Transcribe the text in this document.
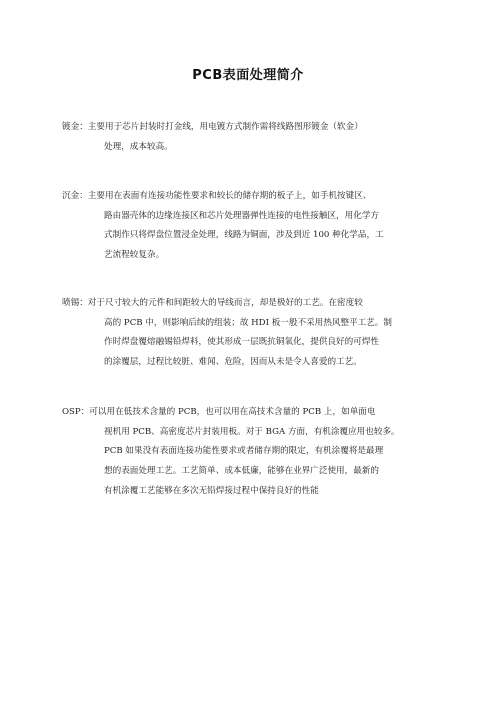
PCB表面处理简介
镀金：主要用于芯片封装时打金线，用电镀方式制作需将线路图形镀金（软金）
处理，成本较高。
沉金：主要用在表面有连接功能性要求和较长的储存期的板子上，如手机按键区、
路由器壳体的边缘连接区和芯片处理器弹性连接的电性接触区，用化学方
式制作只将焊盘位置浸金处理，线路为铜面，涉及到近 100 种化学品，工
艺流程较复杂。
喷锡：对于尺寸较大的元件和间距较大的导线而言，却是极好的工艺。在密度较
高的 PCB 中，则影响后续的组装；故 HDI 板一般不采用热风整平工艺。制
作时焊盘覆熔融锡铅焊料，使其形成一层既抗铜氧化，提供良好的可焊性
的涂覆层，过程比较脏、难闻、危险，因而从未是令人喜爱的工艺。
OSP：可以用在低技术含量的 PCB，也可以用在高技术含量的 PCB 上，如单面电
视机用 PCB、高密度芯片封装用板。对于 BGA 方面，有机涂覆应用也较多。
PCB 如果没有表面连接功能性要求或者储存期的限定，有机涂覆将是最理
想的表面处理工艺。工艺简单、成本低廉，能够在业界广泛使用，最新的
有机涂覆工艺能够在多次无铅焊接过程中保持良好的性能
